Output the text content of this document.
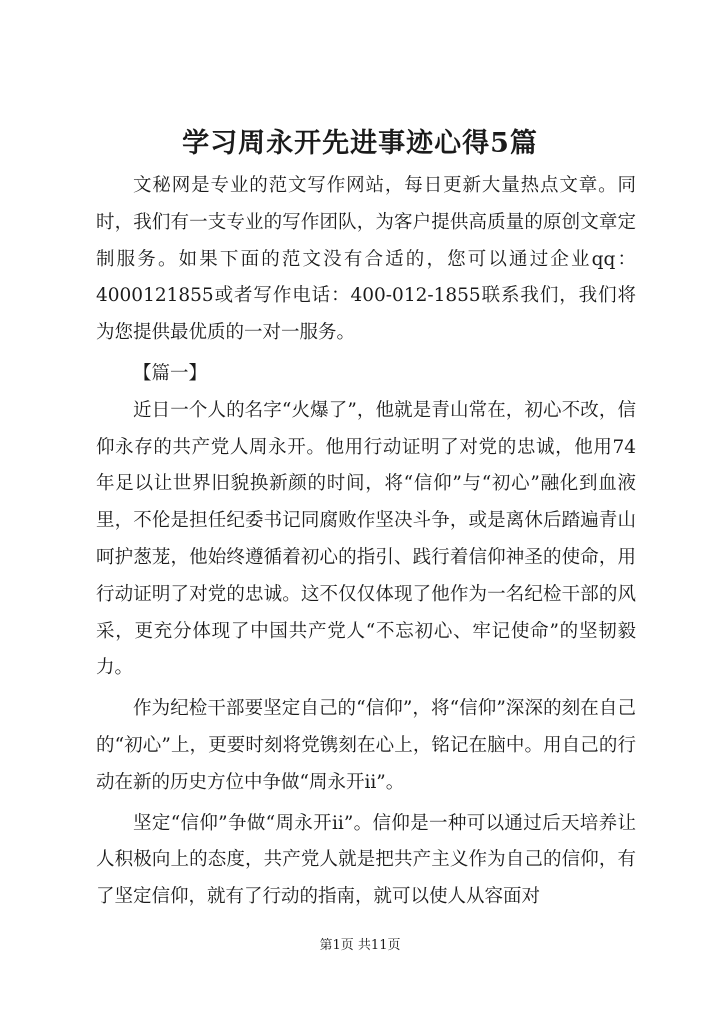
学习周永开先进事迹心得5篇

文秘网是专业的范文写作网站，每日更新大量热点文章。同时，我们有一支专业的写作团队，为客户提供高质量的原创文章定制服务。如果下面的范文没有合适的，您可以通过企业qq：4000121855或者写作电话：400-012-1855联系我们，我们将为您提供最优质的一对一服务。

【篇一】

近日一个人的名字“火爆了”，他就是青山常在，初心不改，信仰永存的共产党人周永开。他用行动证明了对党的忠诚，他用74年足以让世界旧貌换新颜的时间，将“信仰”与“初心”融化到血液里，不伦是担任纪委书记同腐败作坚决斗争，或是离休后踏遍青山呵护葱茏，他始终遵循着初心的指引、践行着信仰神圣的使命，用行动证明了对党的忠诚。这不仅仅体现了他作为一名纪检干部的风采，更充分体现了中国共产党人“不忘初心、牢记使命”的坚韧毅力。

作为纪检干部要坚定自己的“信仰”，将“信仰”深深的刻在自己的“初心”上，更要时刻将党镌刻在心上，铭记在脑中。用自己的行动在新的历史方位中争做“周永开ii”。

坚定“信仰”争做“周永开ii”。信仰是一种可以通过后天培养让人积极向上的态度，共产党人就是把共产主义作为自己的信仰，有了坚定信仰，就有了行动的指南，就可以使人从容面对

第1页 共11页
